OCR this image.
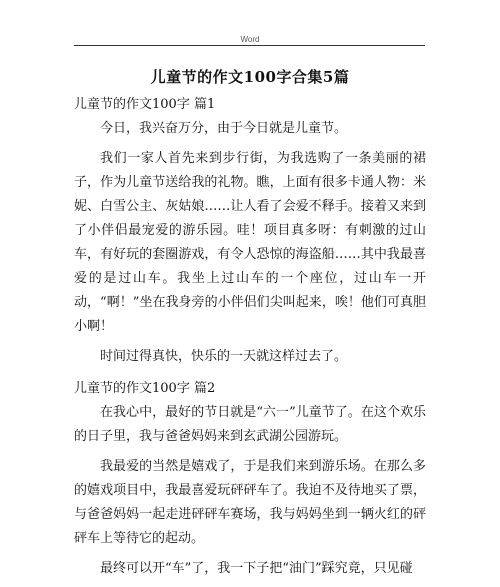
Word
儿童节的作文100字合集5篇

儿童节的作文100字 篇1

今日，我兴奋万分，由于今日就是儿童节。

我们一家人首先来到步行街，为我选购了一条美丽的裙子，作为儿童节送给我的礼物。瞧，上面有很多卡通人物：米妮、白雪公主、灰姑娘……让人看了会爱不释手。接着又来到了小伴侣最宠爱的游乐园。哇！项目真多呀：有刺激的过山车，有好玩的套圈游戏，有令人恐惊的海盗船……其中我最喜爱的是过山车。我坐上过山车的一个座位，过山车一开动，“啊！”坐在我身旁的小伴侣们尖叫起来，唉！他们可真胆小啊！

时间过得真快，快乐的一天就这样过去了。

儿童节的作文100字 篇2

在我心中，最好的节日就是“六一”儿童节了。在这个欢乐的日子里，我与爸爸妈妈来到玄武湖公园游玩。

我最爱的当然是嬉戏了，于是我们来到游乐场。在那么多的嬉戏项目中，我最喜爱玩砰砰车了。我迫不及待地买了票，与爸爸妈妈一起走进砰砰车赛场，我与妈妈坐到一辆火红的砰砰车上等待它的起动。

最终可以开“车”了，我一下子把“油门”踩究竟，只见碰
